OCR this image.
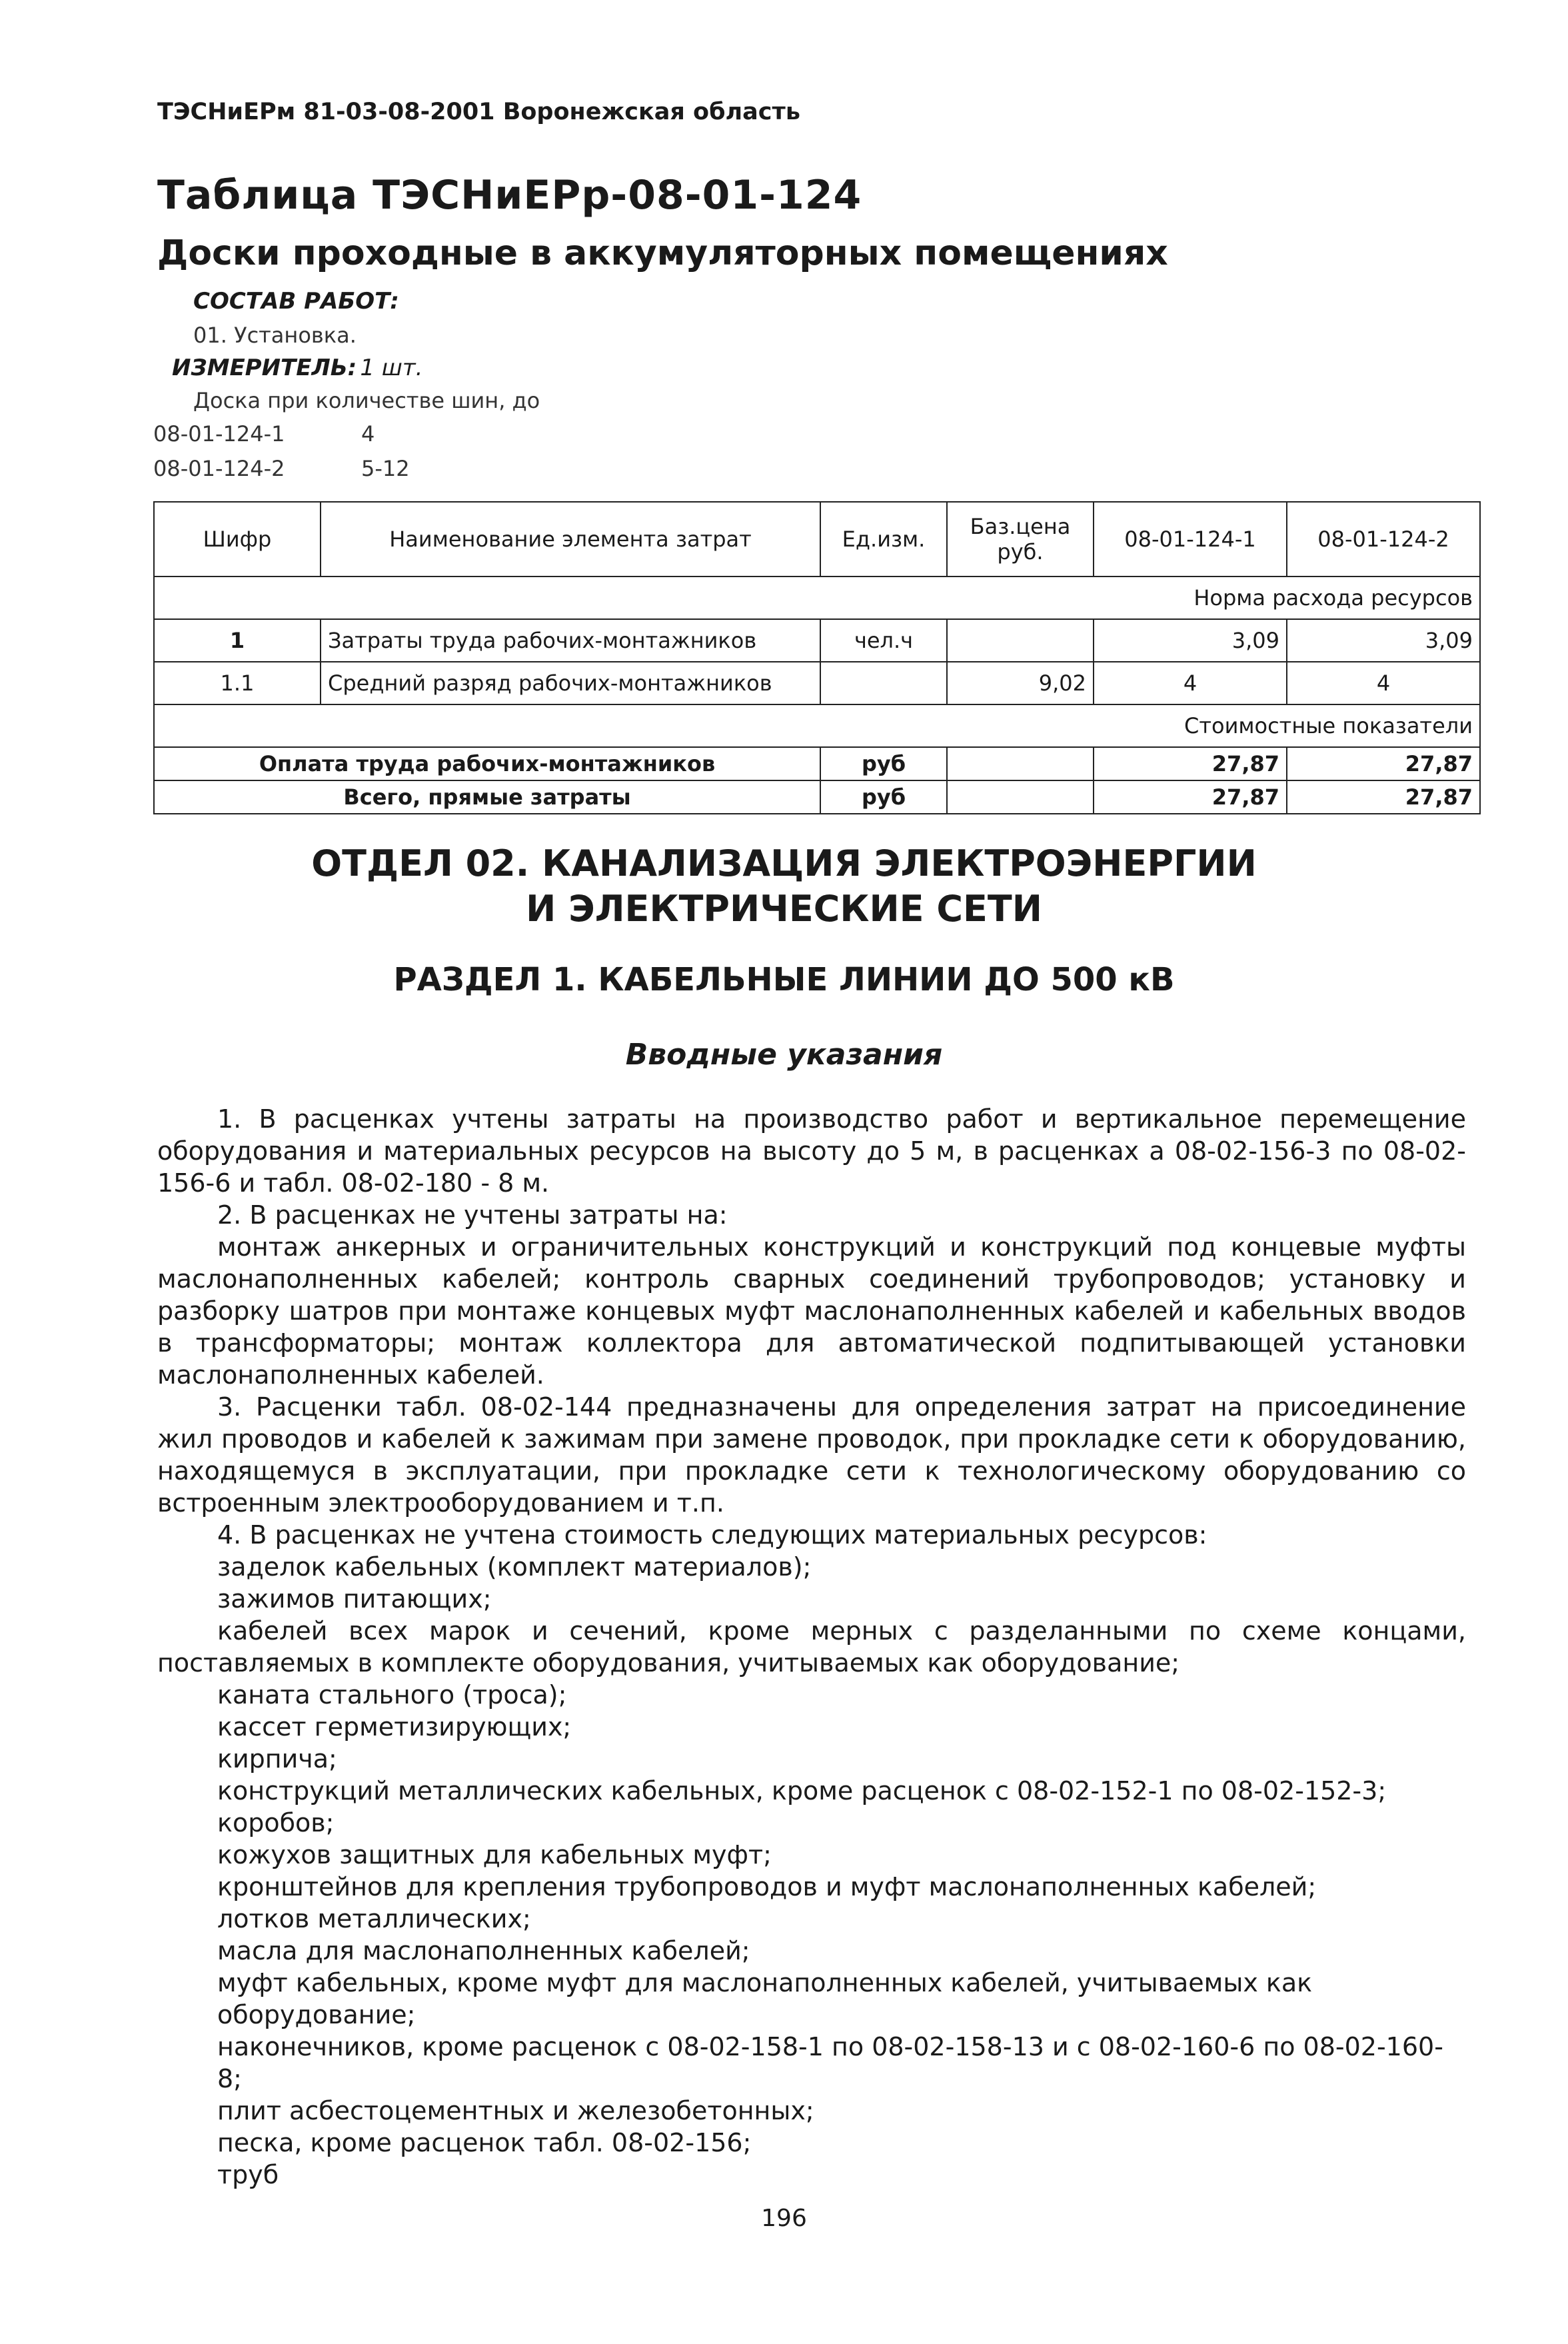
ТЭСНиЕРм 81-03-08-2001 Воронежская область
Таблица ТЭСНиЕРр-08-01-124
Доски проходные в аккумуляторных помещениях
СОСТАВ РАБОТ:
01. Установка.
ИЗМЕРИТЕЛЬ: 1 шт.
Доска при количестве шин, до
08-01-124-1	4
08-01-124-2	5-12
Шифр	Наименование элемента затрат	Ед.изм.	Баз.цена руб.	08-01-124-1	08-01-124-2
Норма расхода ресурсов					
1	Затраты труда рабочих-монтажников	чел.ч		3,09	3,09
1.1	Средний разряд рабочих-монтажников		9,02	4	4
Стоимостные показатели					
Оплата труда рабочих-монтажников		руб		27,87	27,87
Всего, прямые затраты		руб		27,87	27,87
ОТДЕЛ 02. КАНАЛИЗАЦИЯ ЭЛЕКТРОЭНЕРГИИ
И ЭЛЕКТРИЧЕСКИЕ СЕТИ
РАЗДЕЛ 1. КАБЕЛЬНЫЕ ЛИНИИ ДО 500 кВ
Вводные указания

1. В расценках учтены затраты на производство работ и вертикальное перемещение оборудования и материальных ресурсов на высоту до 5 м, в расценках а 08-02-156-3 по 08-02-156-6 и табл. 08-02-180 - 8 м.

2. В расценках не учтены затраты на:

монтаж анкерных и ограничительных конструкций и конструкций под концевые муфты маслонаполненных кабелей; контроль сварных соединений трубопроводов; установку и разборку шатров при монтаже концевых муфт маслонаполненных кабелей и кабельных вводов в трансформаторы; монтаж коллектора для автоматической подпитывающей установки маслонаполненных кабелей.

3. Расценки табл. 08-02-144 предназначены для определения затрат на присоединение жил проводов и кабелей к зажимам при замене проводок, при прокладке сети к оборудованию, находящемуся в эксплуатации, при прокладке сети к технологическому оборудованию со встроенным электрооборудованием и т.п.

4. В расценках не учтена стоимость следующих материальных ресурсов:

заделок кабельных (комплект материалов);

зажимов питающих;

кабелей всех марок и сечений, кроме мерных с разделанными по схеме концами, поставляемых в комплекте оборудования, учитываемых как оборудование;

каната стального (троса);

кассет герметизирующих;

кирпича;

конструкций металлических кабельных, кроме расценок с 08-02-152-1 по 08-02-152-3;

коробов;

кожухов защитных для кабельных муфт;

кронштейнов для крепления трубопроводов и муфт маслонаполненных кабелей;

лотков металлических;

масла для маслонаполненных кабелей;

муфт кабельных, кроме муфт для маслонаполненных кабелей, учитываемых как оборудование;

наконечников, кроме расценок с 08-02-158-1 по 08-02-158-13 и с 08-02-160-6 по 08-02-160-8;

плит асбестоцементных и железобетонных;

песка, кроме расценок табл. 08-02-156;

труб

196
